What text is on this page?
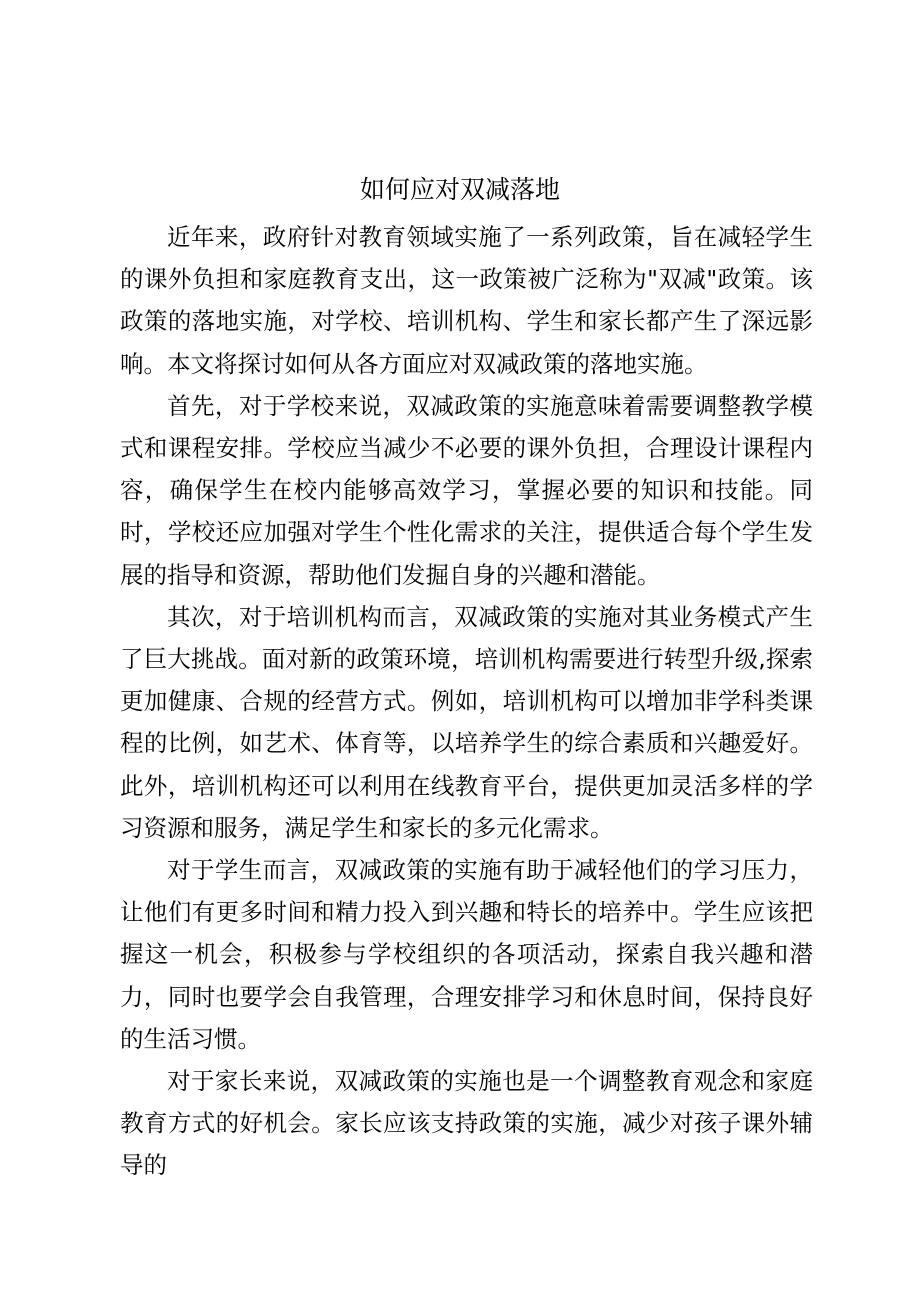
如何应对双减落地

近年来，政府针对教育领域实施了一系列政策，旨在减轻学生的课外负担和家庭教育支出，这一政策被广泛称为"双减"政策。该政策的落地实施，对学校、培训机构、学生和家长都产生了深远影响。本文将探讨如何从各方面应对双减政策的落地实施。

首先，对于学校来说，双减政策的实施意味着需要调整教学模式和课程安排。学校应当减少不必要的课外负担，合理设计课程内容，确保学生在校内能够高效学习，掌握必要的知识和技能。同时，学校还应加强对学生个性化需求的关注，提供适合每个学生发展的指导和资源，帮助他们发掘自身的兴趣和潜能。

其次，对于培训机构而言，双减政策的实施对其业务模式产生了巨大挑战。面对新的政策环境，培训机构需要进行转型升级,探索更加健康、合规的经营方式。例如，培训机构可以增加非学科类课程的比例，如艺术、体育等，以培养学生的综合素质和兴趣爱好。此外，培训机构还可以利用在线教育平台，提供更加灵活多样的学习资源和服务，满足学生和家长的多元化需求。

对于学生而言，双减政策的实施有助于减轻他们的学习压力，让他们有更多时间和精力投入到兴趣和特长的培养中。学生应该把握这一机会，积极参与学校组织的各项活动，探索自我兴趣和潜力，同时也要学会自我管理，合理安排学习和休息时间，保持良好的生活习惯。

对于家长来说，双减政策的实施也是一个调整教育观念和家庭教育方式的好机会。家长应该支持政策的实施，减少对孩子课外辅导的
